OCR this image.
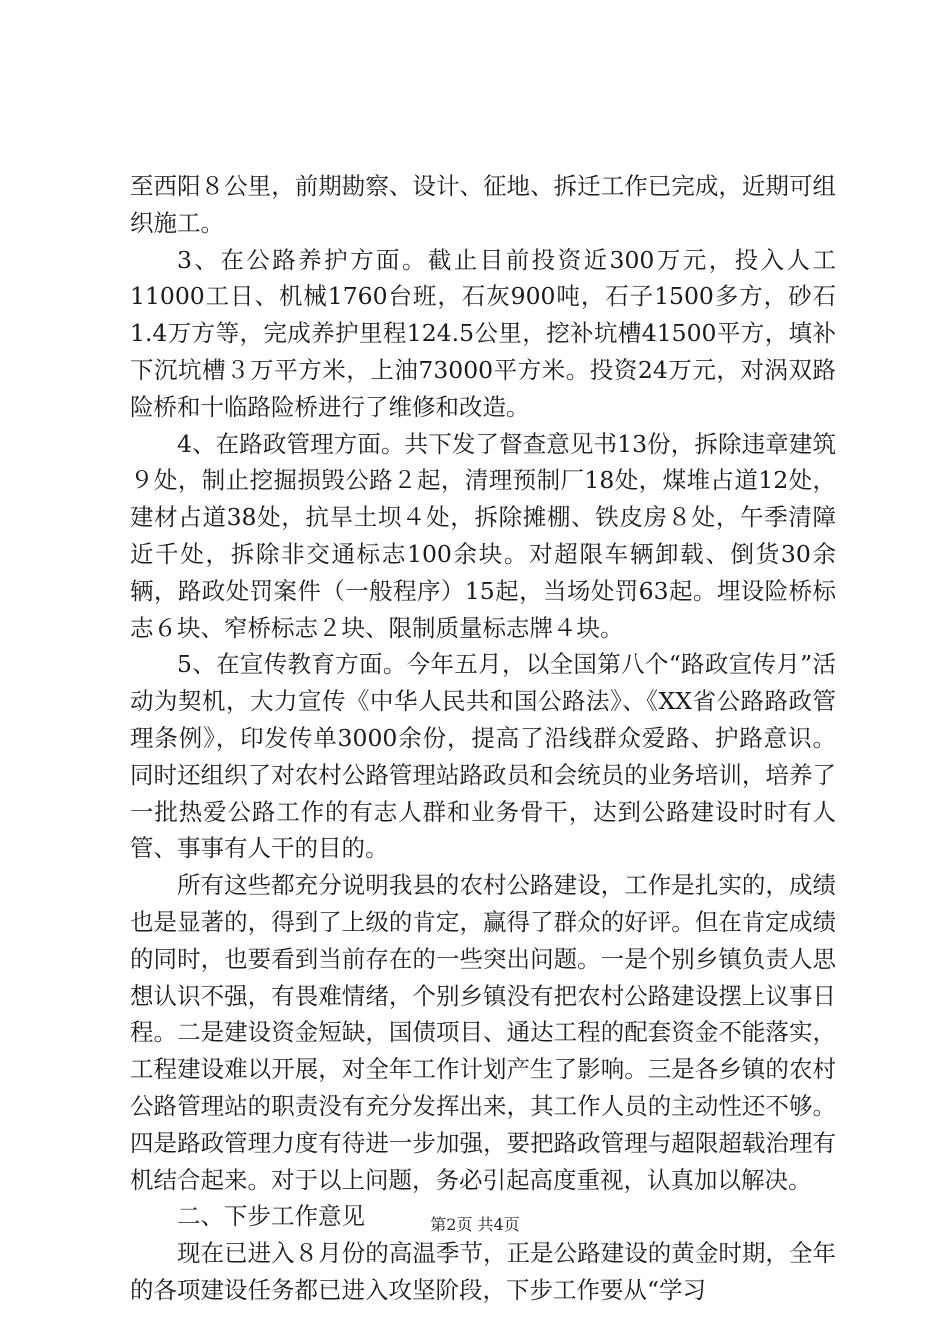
至西阳８公里，前期勘察、设计、征地、拆迁工作已完成，近期可组织施工。

3、在公路养护方面。截止目前投资近300万元，投入人工11000工日、机械1760台班，石灰900吨，石子1500多方，砂石1.4万方等，完成养护里程124.5公里，挖补坑槽41500平方，填补下沉坑槽３万平方米，上油73000平方米。投资24万元，对涡双路险桥和十临路险桥进行了维修和改造。

4、在路政管理方面。共下发了督查意见书13份，拆除违章建筑９处，制止挖掘损毁公路２起，清理预制厂18处，煤堆占道12处，建材占道38处，抗旱土坝４处，拆除摊棚、铁皮房８处，午季清障近千处，拆除非交通标志100余块。对超限车辆卸载、倒货30余辆，路政处罚案件（一般程序）15起，当场处罚63起。埋设险桥标志６块、窄桥标志２块、限制质量标志牌４块。

5、在宣传教育方面。今年五月，以全国第八个“路政宣传月”活动为契机，大力宣传《中华人民共和国公路法》、《XX省公路路政管理条例》，印发传单3000余份，提高了沿线群众爱路、护路意识。同时还组织了对农村公路管理站路政员和会统员的业务培训，培养了一批热爱公路工作的有志人群和业务骨干，达到公路建设时时有人管、事事有人干的目的。

所有这些都充分说明我县的农村公路建设，工作是扎实的，成绩也是显著的，得到了上级的肯定，赢得了群众的好评。但在肯定成绩的同时，也要看到当前存在的一些突出问题。一是个别乡镇负责人思想认识不强，有畏难情绪，个别乡镇没有把农村公路建设摆上议事日程。二是建设资金短缺，国债项目、通达工程的配套资金不能落实，工程建设难以开展，对全年工作计划产生了影响。三是各乡镇的农村公路管理站的职责没有充分发挥出来，其工作人员的主动性还不够。四是路政管理力度有待进一步加强，要把路政管理与超限超载治理有机结合起来。对于以上问题，务必引起高度重视，认真加以解决。

二、下步工作意见

现在已进入８月份的高温季节，正是公路建设的黄金时期，全年的各项建设任务都已进入攻坚阶段，下步工作要从“学习

第2页 共4页
